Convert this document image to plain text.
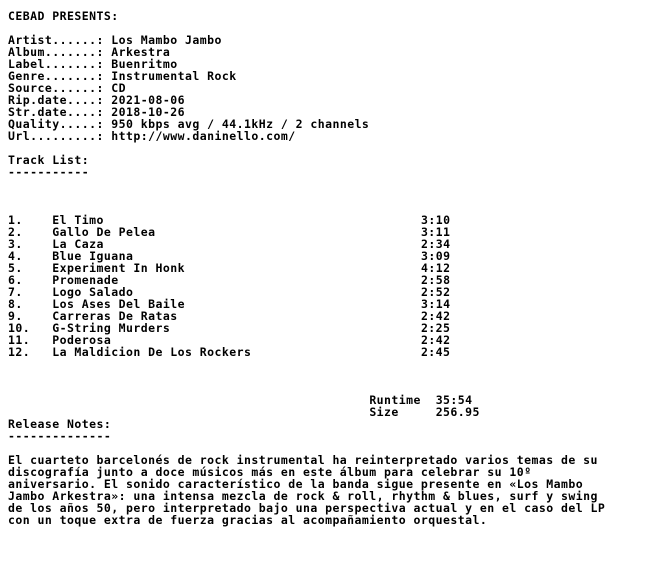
CEBAD PRESENTS:

Artist......: Los Mambo Jambo
Album.......: Arkestra
Label.......: Buenritmo
Genre.......: Instrumental Rock
Source......: CD
Rip.date....: 2021-08-06
Str.date....: 2018-10-26
Quality.....: 950 kbps avg / 44.1kHz / 2 channels
Url.........: http://www.daninello.com/

Track List:
-----------

1.	El Timo	3:10
2.	Gallo De Pelea	3:11
3.	La Caza	2:34
4.	Blue Iguana	3:09
5.	Experiment In Honk	4:12
6.	Promenade	2:58
7.	Logo Salado	2:52
8.	Los Ases Del Baile	3:14
9.	Carreras De Ratas	2:42
10. G-String Murders	2:25
11. Poderosa	2:42
12. La Maldicion De Los Rockers	2:45

Runtime 35:54
Size	256.95
Release Notes:
--------------

El cuarteto barcelonés de rock instrumental ha reinterpretado varios temas de su
discografía junto a doce músicos más en este álbum para celebrar su 10º
aniversario. El sonido característico de la banda sigue presente en «Los Mambo
Jambo Arkestra»: una intensa mezcla de rock & roll, rhythm & blues, surf y swing
de los años 50, pero interpretado bajo una perspectiva actual y en el caso del LP
con un toque extra de fuerza gracias al acompañamiento orquestal.
